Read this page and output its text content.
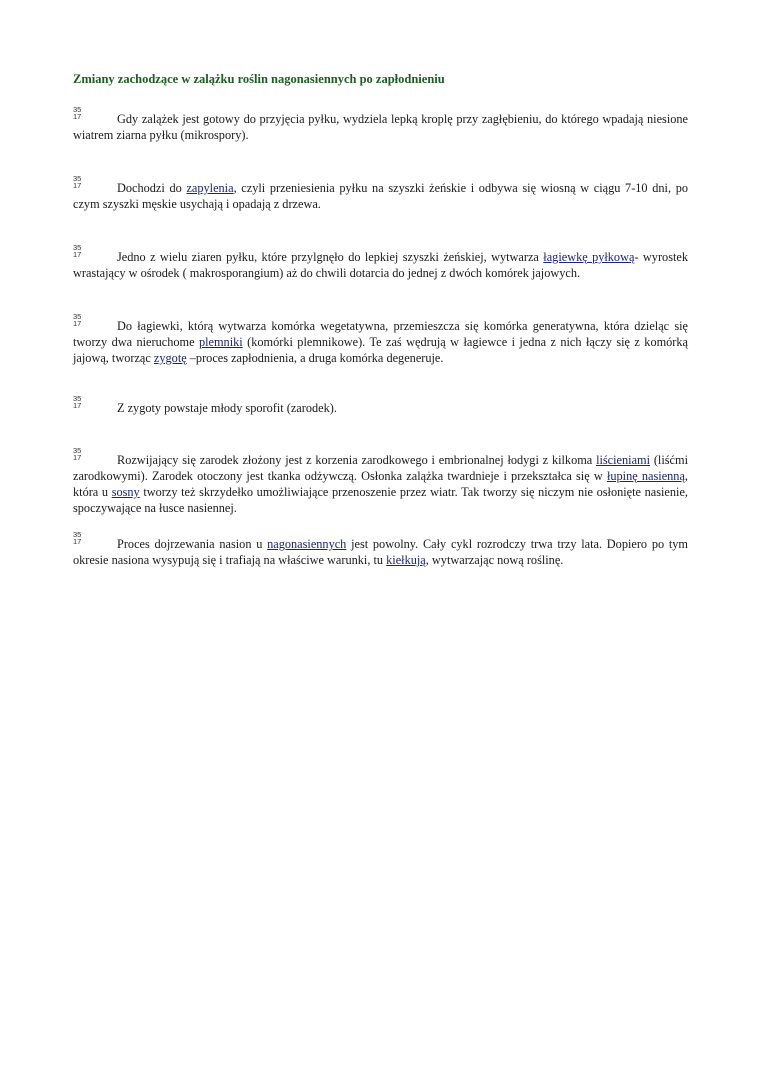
Zmiany zachodzące w zalążku roślin nagonasiennych po zapłodnieniu
35
17	Gdy zalążek jest gotowy do przyjęcia pyłku, wydziela lepką kroplę przy zagłębieniu, do którego wpadają niesione wiatrem ziarna pyłku (mikrospory).
35
17	Dochodzi do zapylenia, czyli przeniesienia pyłku na szyszki żeńskie i odbywa się wiosną w ciągu 7-10 dni, po czym szyszki męskie usychają i opadają z drzewa.
35
17	Jedno z wielu ziaren pyłku, które przylgnęło do lepkiej szyszki żeńskiej, wytwarza łagiewkę pyłkową- wyrostek wrastający w ośrodek ( makrosporangium) aż do chwili dotarcia do jednej z dwóch komórek jajowych.
35
17	Do łagiewki, którą wytwarza komórka wegetatywna, przemieszcza się komórka generatywna, która dzieląc się tworzy dwa nieruchome plemniki (komórki plemnikowe). Te zaś wędrują w łagiewce i jedna z nich łączy się z komórką jajową, tworząc zygotę –proces zapłodnienia, a druga komórka degeneruje.
35
17	Z zygoty powstaje młody sporofit (zarodek).
35
17	Rozwijający się zarodek złożony jest z korzenia zarodkowego i embrionalnej łodygi z kilkoma liścieniami (liśćmi zarodkowymi). Zarodek otoczony jest tkanka odżywczą. Osłonka zalążka twardnieje i przekształca się w łupinę nasienną, która u sosny tworzy też skrzydełko umożliwiające przenoszenie przez wiatr. Tak tworzy się niczym nie osłonięte nasienie, spoczywające na łusce nasiennej.
35
17	Proces dojrzewania nasion u nagonasiennych jest powolny. Cały cykl rozrodczy trwa trzy lata. Dopiero po tym okresie nasiona wysypują się i trafiają na właściwe warunki, tu kiełkują, wytwarzając nową roślinę.
